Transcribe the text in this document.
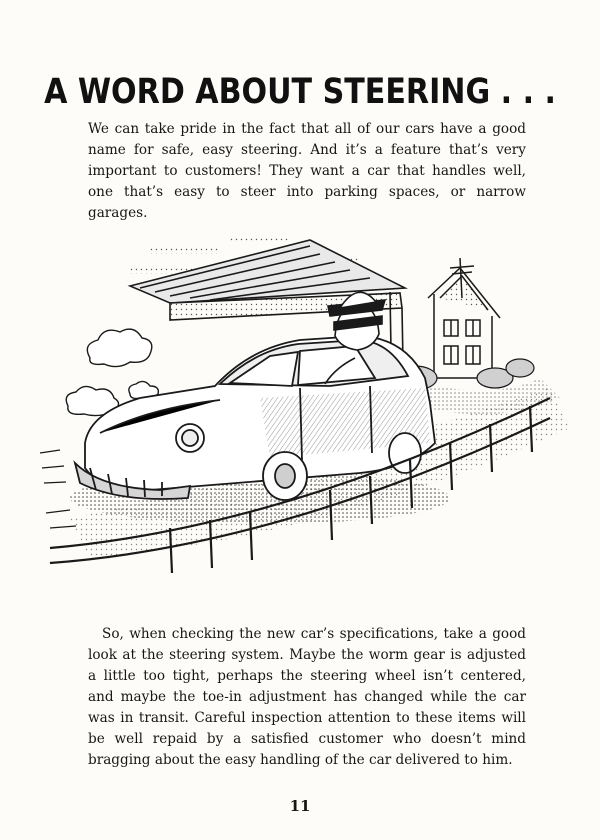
A WORD ABOUT STEERING . . .

We can take pride in the fact that all of our cars have a good name for safe, easy steering. And it’s a feature that’s very important to customers! They want a car that handles well, one that’s easy to steer into parking spaces, or narrow garages.

So, when checking the new car’s specifications, take a good look at the steering system. Maybe the worm gear is adjusted a little too tight, perhaps the steering wheel isn’t centered, and maybe the toe-in adjustment has changed while the car was in transit. Careful inspection attention to these items will be well repaid by a satisfied customer who doesn’t mind bragging about the easy handling of the car delivered to him.

11
